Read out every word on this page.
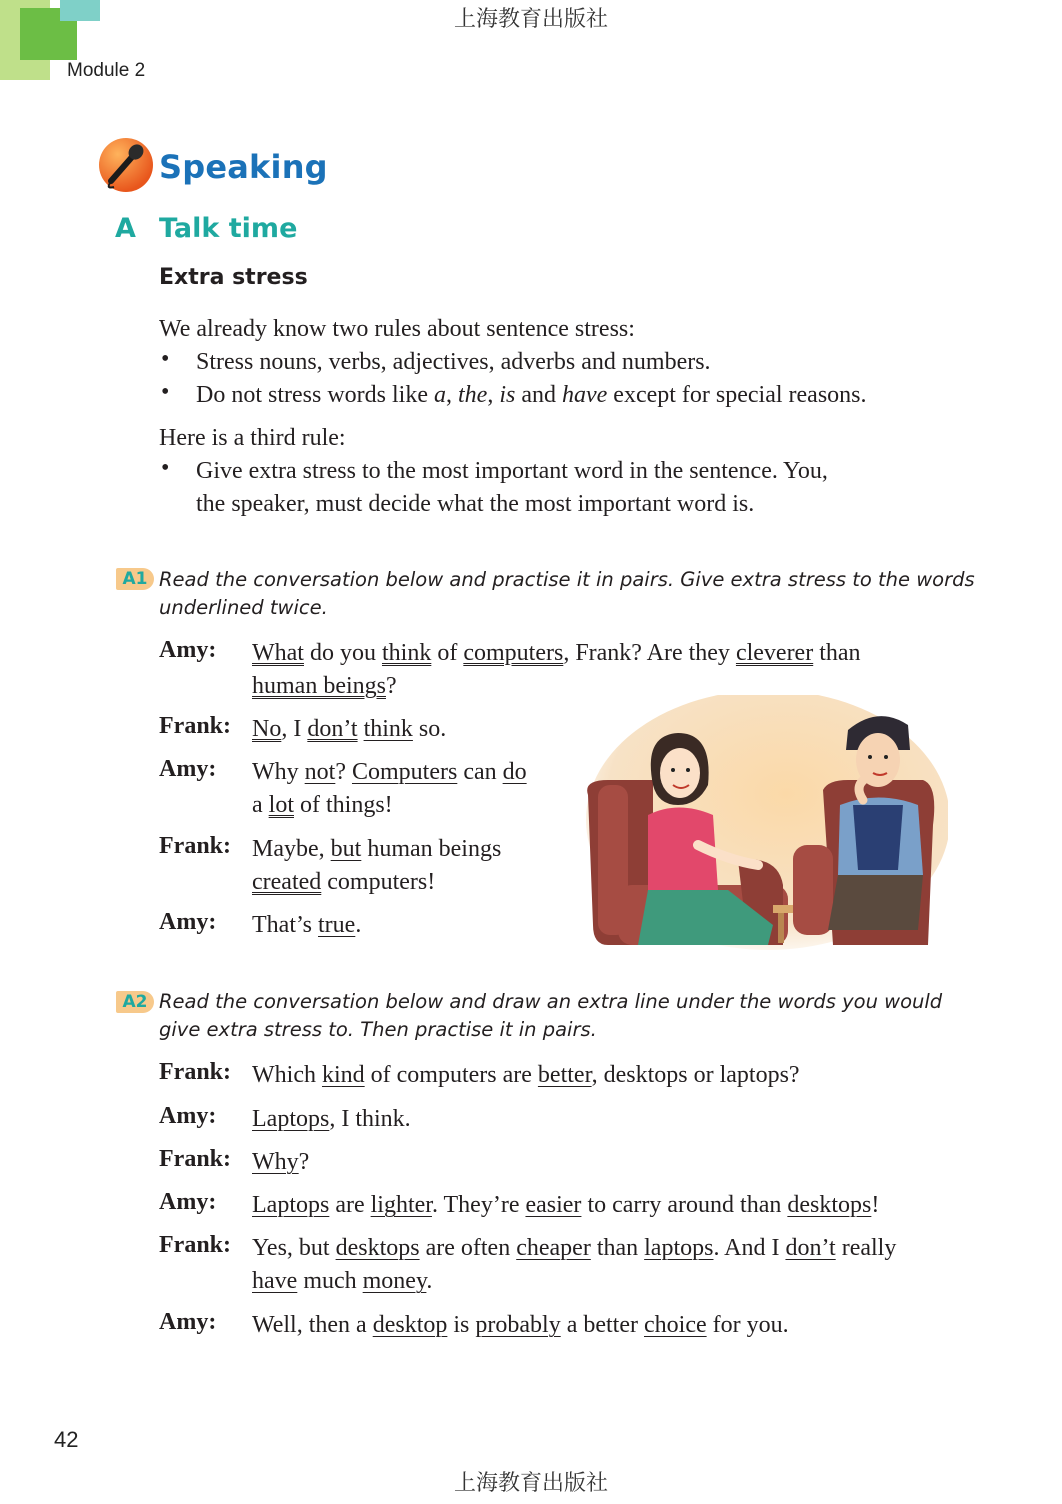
上海教育出版社
Module 2
Speaking
A Talk time
Extra stress
We already know two rules about sentence stress:
• Stress nouns, verbs, adjectives, adverbs and numbers.
• Do not stress words like a, the, is and have except for special reasons.
Here is a third rule:
• Give extra stress to the most important word in the sentence. You,
the speaker, must decide what the most important word is.
A1 Read the conversation below and practise it in pairs. Give extra stress to the words
underlined twice.
Amy: What do you think of computers, Frank? Are they cleverer than
human beings?
Frank: No, I don’t think so.
Amy: Why not? Computers can do
a lot of things!
Frank: Maybe, but human beings
created computers!
Amy: That’s true.
A2 Read the conversation below and draw an extra line under the words you would
give extra stress to. Then practise it in pairs.
Frank: Which kind of computers are better, desktops or laptops?
Amy: Laptops, I think.
Frank: Why?
Amy: Laptops are lighter. They’re easier to carry around than desktops!
Frank: Yes, but desktops are often cheaper than laptops. And I don’t really
have much money.
Amy: Well, then a desktop is probably a better choice for you.
42
上海教育出版社
